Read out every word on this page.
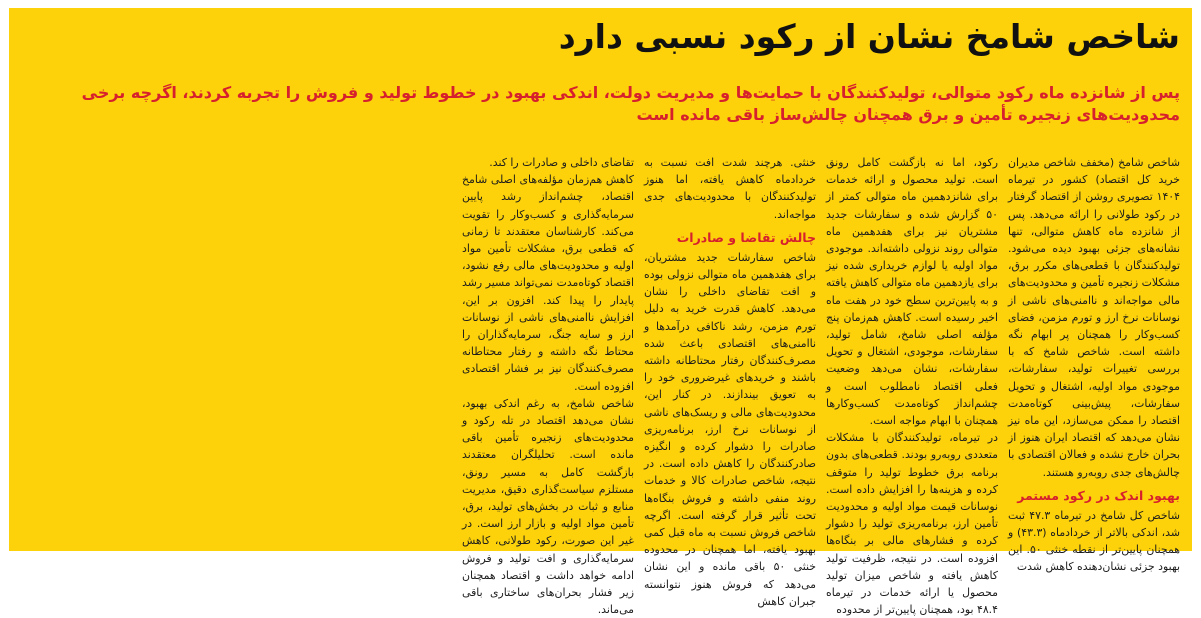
شاخص شامخ نشان از رکود نسبی دارد

پس از شانزده ماه رکود متوالی، تولیدکنندگان با حمایت‌ها و مدیریت دولت، اندکی بهبود در خطوط تولید و فروش را تجربه کردند، اگرچه برخی

محدودیت‌های زنجیره تأمین و برق همچنان چالش‌ساز باقی مانده است

شاخص شامخ (مخفف شاخص مدیران خرید کل اقتصاد) کشور در تیرماه ۱۴۰۴ تصویری روشن از اقتصاد گرفتار در رکود طولانی را ارائه می‌دهد. پس از شانزده ماه کاهش متوالی، تنها نشانه‌های جزئی بهبود دیده می‌شود. تولیدکنندگان با قطعی‌های مکرر برق، مشکلات زنجیره تأمین و محدودیت‌های مالی مواجه‌اند و ناامنی‌های ناشی از نوسانات نرخ ارز و تورم مزمن، فضای کسب‌وکار را همچنان پر ابهام نگه داشته است. شاخص شامخ که با بررسی تغییرات تولید، سفارشات، موجودی مواد اولیه، اشتغال و تحویل سفارشات، پیش‌بینی کوتاه‌مدت اقتصاد را ممکن می‌سازد، این ماه نیز نشان می‌دهد که اقتصاد ایران هنوز از بحران خارج نشده و فعالان اقتصادی با چالش‌های جدی روبه‌رو هستند.

بهبود اندک در رکود مستمر

شاخص کل شامخ در تیرماه ۴۷.۳ ثبت شد، اندکی بالاتر از خردادماه (۴۳.۳) و همچنان پایین‌تر از نقطه خنثی ۵۰. این بهبود جزئی نشان‌دهنده کاهش شدت

رکود، اما نه بازگشت کامل رونق است. تولید محصول و ارائه خدمات برای شانزدهمین ماه متوالی کمتر از ۵۰ گزارش شده و سفارشات جدید مشتریان نیز برای هفدهمین ماه متوالی روند نزولی داشته‌اند. موجودی مواد اولیه یا لوازم خریداری شده نیز برای یازدهمین ماه متوالی کاهش یافته و به پایین‌ترین سطح خود در هفت ماه اخیر رسیده است. کاهش هم‌زمان پنج مؤلفه اصلی شامخ، شامل تولید، سفارشات، موجودی، اشتغال و تحویل سفارشات، نشان می‌دهد وضعیت فعلی اقتصاد نامطلوب است و چشم‌انداز کوتاه‌مدت کسب‌وکارها همچنان با ابهام مواجه است.

در تیرماه، تولیدکنندگان با مشکلات متعددی روبه‌رو بودند. قطعی‌های بدون برنامه برق خطوط تولید را متوقف کرده و هزینه‌ها را افزایش داده است. نوسانات قیمت مواد اولیه و محدودیت تأمین ارز، برنامه‌ریزی تولید را دشوار کرده و فشارهای مالی بر بنگاه‌ها افزوده است. در نتیجه، ظرفیت تولید کاهش یافته و شاخص میزان تولید محصول یا ارائه خدمات در تیرماه ۴۸.۴ بود، همچنان پایین‌تر از محدوده

خنثی. هرچند شدت افت نسبت به خردادماه کاهش یافته، اما هنوز تولیدکنندگان با محدودیت‌های جدی مواجه‌اند.

چالش تقاضا و صادرات

شاخص سفارشات جدید مشتریان، برای هفدهمین ماه متوالی نزولی بوده و افت تقاضای داخلی را نشان می‌دهد. کاهش قدرت خرید به دلیل تورم مزمن، رشد ناکافی درآمدها و ناامنی‌های اقتصادی باعث شده مصرف‌کنندگان رفتار محتاطانه داشته باشند و خریدهای غیرضروری خود را به تعویق بیندازند. در کنار این، محدودیت‌های مالی و ریسک‌های ناشی از نوسانات نرخ ارز، برنامه‌ریزی صادرات را دشوار کرده و انگیزه صادرکنندگان را کاهش داده است. در نتیجه، شاخص صادرات کالا و خدمات روند منفی داشته و فروش بنگاه‌ها تحت تأثیر قرار گرفته است. اگرچه شاخص فروش نسبت به ماه قبل کمی بهبود یافته، اما همچنان در محدوده خنثی ۵۰ باقی مانده و این نشان می‌دهد که فروش هنوز نتوانسته جبران کاهش

تقاضای داخلی و صادرات را کند.

کاهش هم‌زمان مؤلفه‌های اصلی شامخ اقتصاد، چشم‌انداز رشد پایین سرمایه‌گذاری و کسب‌وکار را تقویت می‌کند. کارشناسان معتقدند تا زمانی که قطعی برق، مشکلات تأمین مواد اولیه و محدودیت‌های مالی رفع نشود، اقتصاد کوتاه‌مدت نمی‌تواند مسیر رشد پایدار را پیدا کند. افزون بر این، افزایش ناامنی‌های ناشی از نوسانات ارز و سایه جنگ، سرمایه‌گذاران را محتاط نگه داشته و رفتار محتاطانه مصرف‌کنندگان نیز بر فشار اقتصادی افزوده است.

شاخص شامخ، به رغم اندکی بهبود، نشان می‌دهد اقتصاد در تله رکود و محدودیت‌های زنجیره تأمین باقی مانده است. تحلیلگران معتقدند بازگشت کامل به مسیر رونق، مستلزم سیاست‌گذاری دقیق، مدیریت منابع و ثبات در بخش‌های تولید، برق، تأمین مواد اولیه و بازار ارز است. در غیر این صورت، رکود طولانی، کاهش سرمایه‌گذاری و افت تولید و فروش ادامه خواهد داشت و اقتصاد همچنان زیر فشار بحران‌های ساختاری باقی می‌ماند.
